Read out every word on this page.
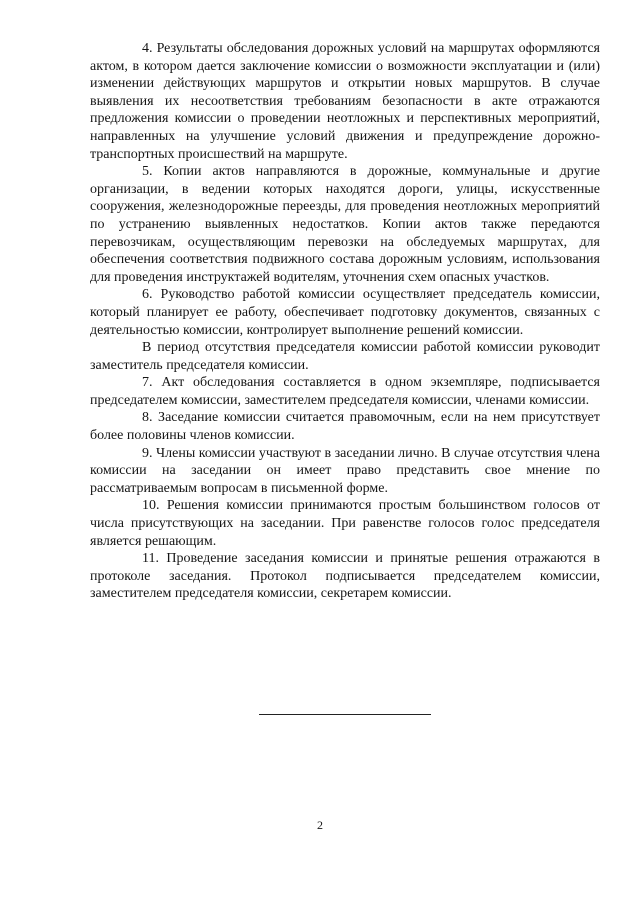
4. Результаты обследования дорожных условий на маршрутах оформляются актом, в котором дается заключение комиссии о возможности эксплуатации и (или) изменении действующих маршрутов и открытии новых маршрутов. В случае выявления их несоответствия требованиям безопасности в акте отражаются предложения комиссии о проведении неотложных и перспективных мероприятий, направленных на улучшение условий движения и предупреждение дорожно-транспортных происшествий на маршруте.

5. Копии актов направляются в дорожные, коммунальные и другие организации, в ведении которых находятся дороги, улицы, искусственные сооружения, железнодорожные переезды, для проведения неотложных мероприятий по устранению выявленных недостатков. Копии актов также передаются перевозчикам, осуществляющим перевозки на обследуемых маршрутах, для обеспечения соответствия подвижного состава дорожным условиям, использования для проведения инструктажей водителям, уточнения схем опасных участков.

6. Руководство работой комиссии осуществляет председатель комиссии, который планирует ее работу, обеспечивает подготовку документов, связанных с деятельностью комиссии, контролирует выполнение решений комиссии.

В период отсутствия председателя комиссии работой комиссии руководит заместитель председателя комиссии.

7. Акт обследования составляется в одном экземпляре, подписывается председателем комиссии, заместителем председателя комиссии, членами комиссии.

8. Заседание комиссии считается правомочным, если на нем присутствует более половины членов комиссии.

9. Члены комиссии участвуют в заседании лично. В случае отсутствия члена комиссии на заседании он имеет право представить свое мнение по рассматриваемым вопросам в письменной форме.

10. Решения комиссии принимаются простым большинством голосов от числа присутствующих на заседании. При равенстве голосов голос председателя является решающим.

11. Проведение заседания комиссии и принятые решения отражаются в протоколе заседания. Протокол подписывается председателем комиссии, заместителем председателя комиссии, секретарем комиссии.

2
